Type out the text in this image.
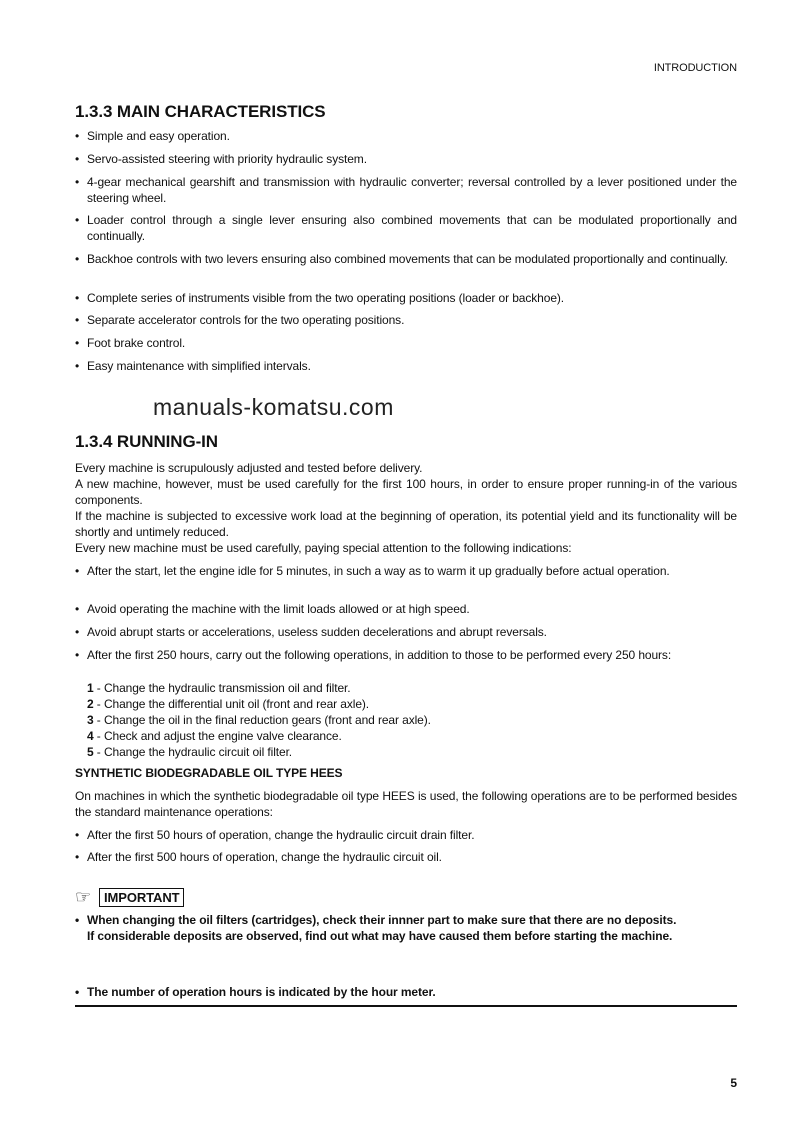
INTRODUCTION
1.3.3 MAIN CHARACTERISTICS
• Simple and easy operation.
• Servo-assisted steering with priority hydraulic system.
• 4-gear mechanical gearshift and transmission with hydraulic converter; reversal controlled by a lever positioned under the steering wheel.
• Loader control through a single lever ensuring also combined movements that can be modulated proportionally and continually.
• Backhoe controls with two levers ensuring also combined movements that can be modulated proportionally and continually.
• Complete series of instruments visible from the two operating positions (loader or backhoe).
• Separate accelerator controls for the two operating positions.
• Foot brake control.
• Easy maintenance with simplified intervals.
manuals-komatsu.com
1.3.4 RUNNING-IN
Every machine is scrupulously adjusted and tested before delivery.
A new machine, however, must be used carefully for the first 100 hours, in order to ensure proper running-in of the various components.
If the machine is subjected to excessive work load at the beginning of operation, its potential yield and its functionality will be shortly and untimely reduced.
Every new machine must be used carefully, paying special attention to the following indications:
• After the start, let the engine idle for 5 minutes, in such a way as to warm it up gradually before actual operation.
• Avoid operating the machine with the limit loads allowed or at high speed.
• Avoid abrupt starts or accelerations, useless sudden decelerations and abrupt reversals.
• After the first 250 hours, carry out the following operations, in addition to those to be performed every 250 hours:
1 - Change the hydraulic transmission oil and filter.
2 - Change the differential unit oil (front and rear axle).
3 - Change the oil in the final reduction gears (front and rear axle).
4 - Check and adjust the engine valve clearance.
5 - Change the hydraulic circuit oil filter.
SYNTHETIC BIODEGRADABLE OIL TYPE HEES
On machines in which the synthetic biodegradable oil type HEES is used, the following operations are to be performed besides the standard maintenance operations:
• After the first 50 hours of operation, change the hydraulic circuit drain filter.
• After the first 500 hours of operation, change the hydraulic circuit oil.
☞	IMPORTANT
• When changing the oil filters (cartridges), check their innner part to make sure that there are no deposits.
If considerable deposits are observed, find out what may have caused them before starting the machine.
• The number of operation hours is indicated by the hour meter.
5
